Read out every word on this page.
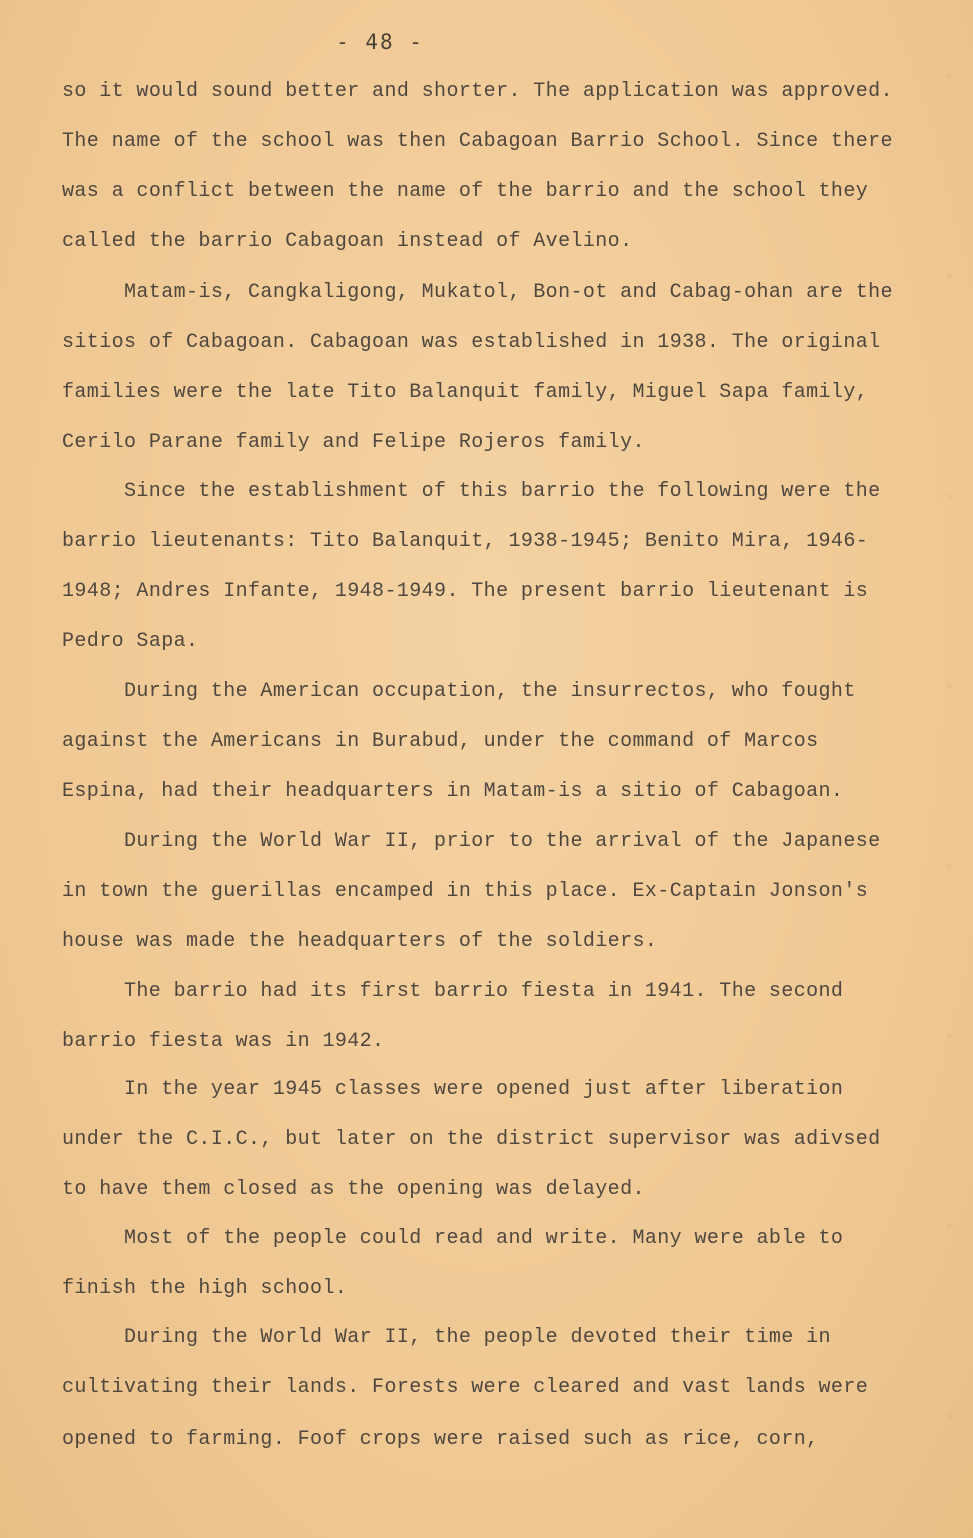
- 48 -
so it would sound better and shorter. The application was approved.
The name of the school was then Cabagoan Barrio School. Since there
was a conflict between the name of the barrio and the school they
called the barrio Cabagoan instead of Avelino.
Matam-is, Cangkaligong, Mukatol, Bon-ot and Cabag-ohan are the
sitios of Cabagoan. Cabagoan was established in 1938. The original
families were the late Tito Balanquit family, Miguel Sapa family,
Cerilo Parane family and Felipe Rojeros family.
Since the establishment of this barrio the following were the
barrio lieutenants: Tito Balanquit, 1938-1945; Benito Mira, 1946-
1948; Andres Infante, 1948-1949. The present barrio lieutenant is
Pedro Sapa.
During the American occupation, the insurrectos, who fought
against the Americans in Burabud, under the command of Marcos
Espina, had their headquarters in Matam-is a sitio of Cabagoan.
During the World War II, prior to the arrival of the Japanese
in town the guerillas encamped in this place. Ex-Captain Jonson's
house was made the headquarters of the soldiers.
The barrio had its first barrio fiesta in 1941. The second
barrio fiesta was in 1942.
In the year 1945 classes were opened just after liberation
under the C.I.C., but later on the district supervisor was adivsed
to have them closed as the opening was delayed.
Most of the people could read and write. Many were able to
finish the high school.
During the World War II, the people devoted their time in
cultivating their lands. Forests were cleared and vast lands were
opened to farming. Foof crops were raised such as rice, corn,
◦
◦
◦
◦
◦
◦
◦
◦
